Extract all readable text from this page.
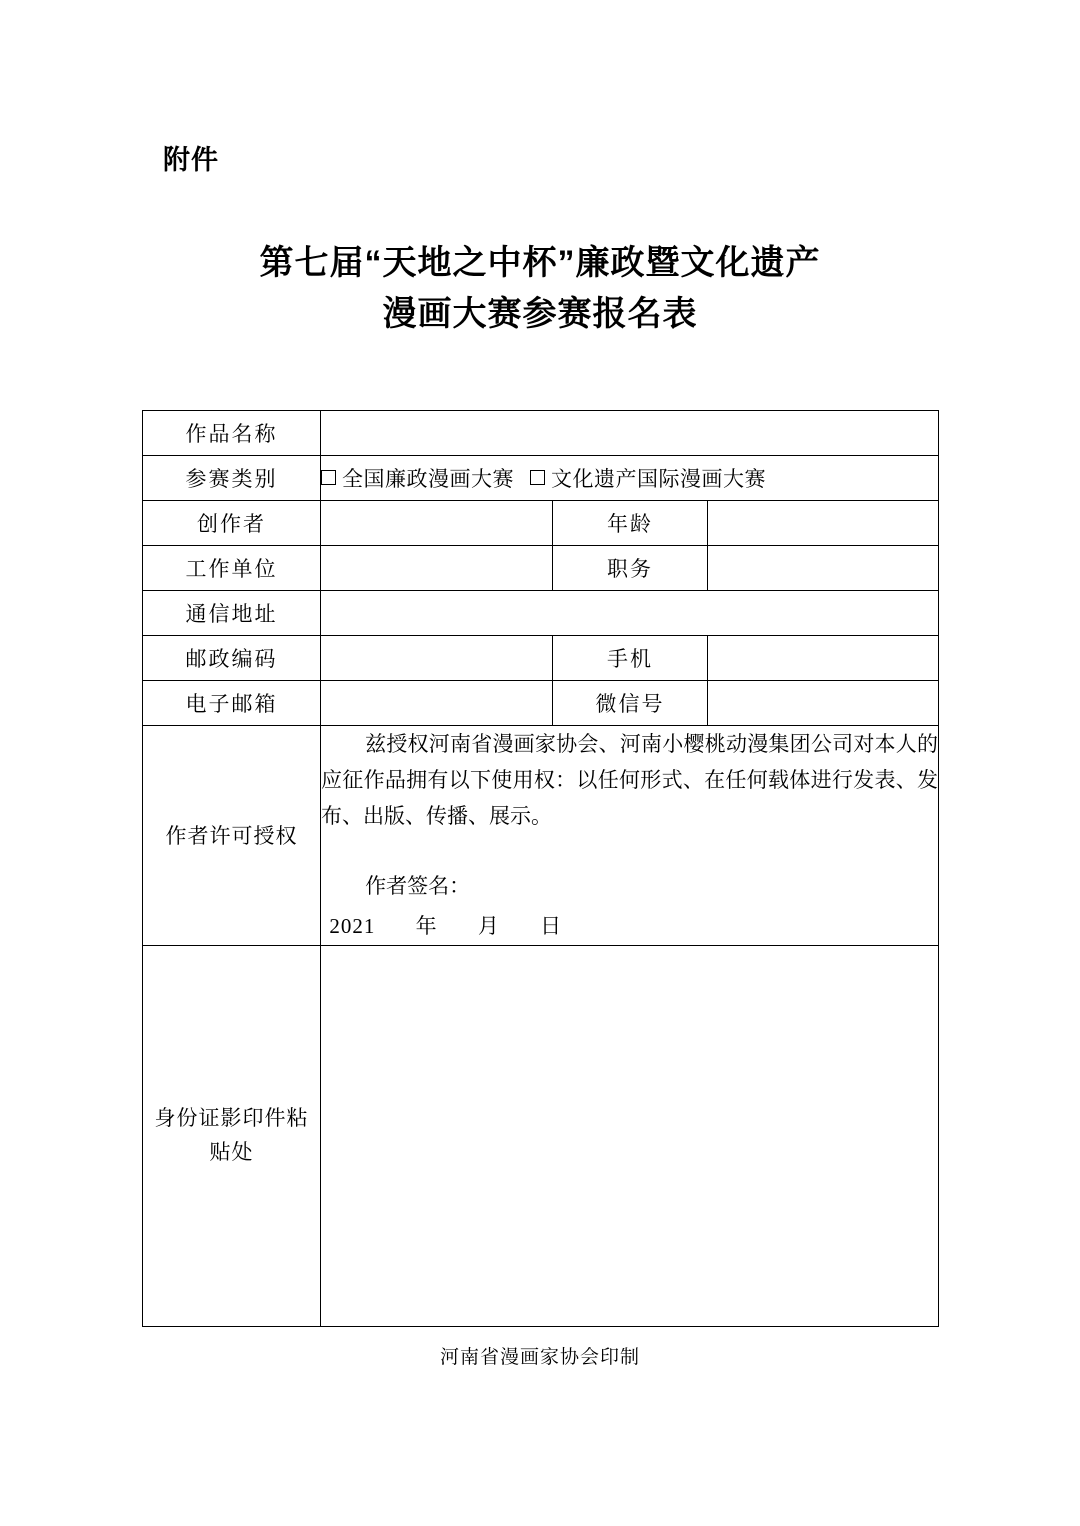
附件
第七届“天地之中杯”廉政暨文化遗产
漫画大赛参赛报名表
作品名称			
参赛类别	全国廉政漫画大赛 文化遗产国际漫画大赛		
创作者		年龄	
工作单位		职务	
通信地址			
邮政编码		手机	
电子邮箱		微信号	
作者许可授权	兹授权河南省漫画家协会、河南小樱桃动漫集团公司对本人的应征作品拥有以下使用权：以任何形式、在任何载体进行发表、发布、出版、传播、展示。

作者签名：
2021 年 月 日		

身份证影印件粘
贴处			
河南省漫画家协会印制
